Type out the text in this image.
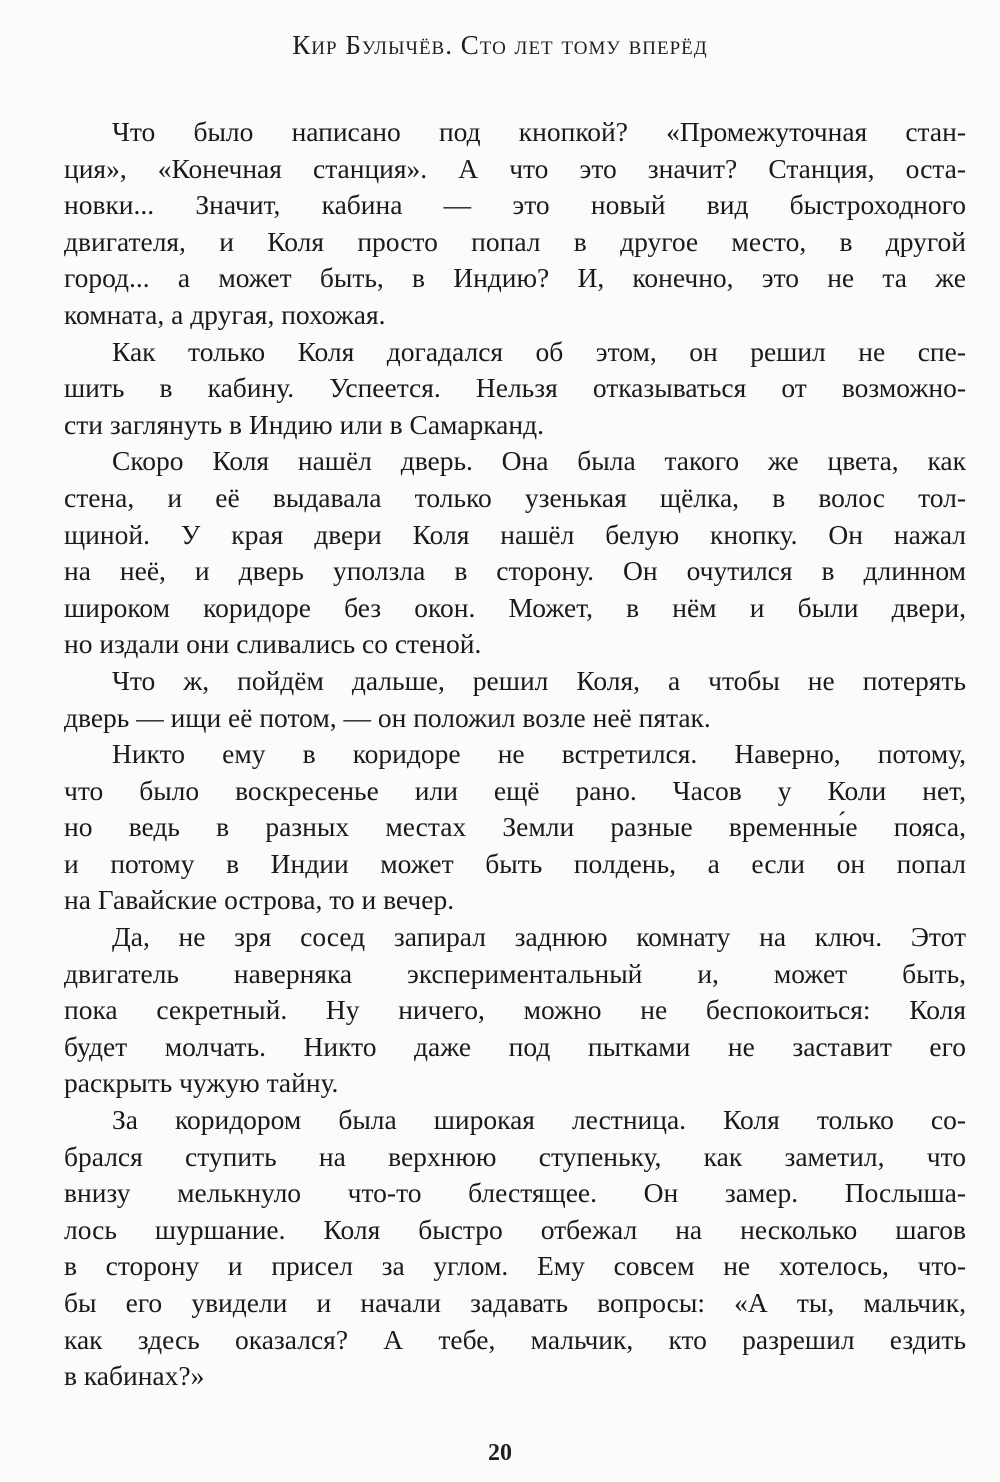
Кир Булычёв. Сто лет тому вперёд

Что было написано под кнопкой? «Промежуточная стан-
ция», «Конечная станция». А что это значит? Станция, оста-
новки... Значит, кабина — это новый вид быстроходного
двигателя, и Коля просто попал в другое место, в другой
город... а может быть, в Индию? И, конечно, это не та же
комната, а другая, похожая.

Как только Коля догадался об этом, он решил не спе-
шить в кабину. Успеется. Нельзя отказываться от возможно-
сти заглянуть в Индию или в Самарканд.

Скоро Коля нашёл дверь. Она была такого же цвета, как
стена, и её выдавала только узенькая щёлка, в волос тол-
щиной. У края двери Коля нашёл белую кнопку. Он нажал
на неё, и дверь уползла в сторону. Он очутился в длинном
широком коридоре без окон. Может, в нём и были двери,
но издали они сливались со стеной.

Что ж, пойдём дальше, решил Коля, а чтобы не потерять
дверь — ищи её потом, — он положил возле неё пятак.

Никто ему в коридоре не встретился. Наверно, потому,
что было воскресенье или ещё рано. Часов у Коли нет,
но ведь в разных местах Земли разные временны́е пояса,
и потому в Индии может быть полдень, а если он попал
на Гавайские острова, то и вечер.

Да, не зря сосед запирал заднюю комнату на ключ. Этот
двигатель наверняка экспериментальный и, может быть,
пока секретный. Ну ничего, можно не беспокоиться: Коля
будет молчать. Никто даже под пытками не заставит его
раскрыть чужую тайну.

За коридором была широкая лестница. Коля только со-
брался ступить на верхнюю ступеньку, как заметил, что
внизу мелькнуло что-то блестящее. Он замер. Послыша-
лось шуршание. Коля быстро отбежал на несколько шагов
в сторону и присел за углом. Ему совсем не хотелось, что-
бы его увидели и начали задавать вопросы: «А ты, мальчик,
как здесь оказался? А тебе, мальчик, кто разрешил ездить
в кабинах?»

20
